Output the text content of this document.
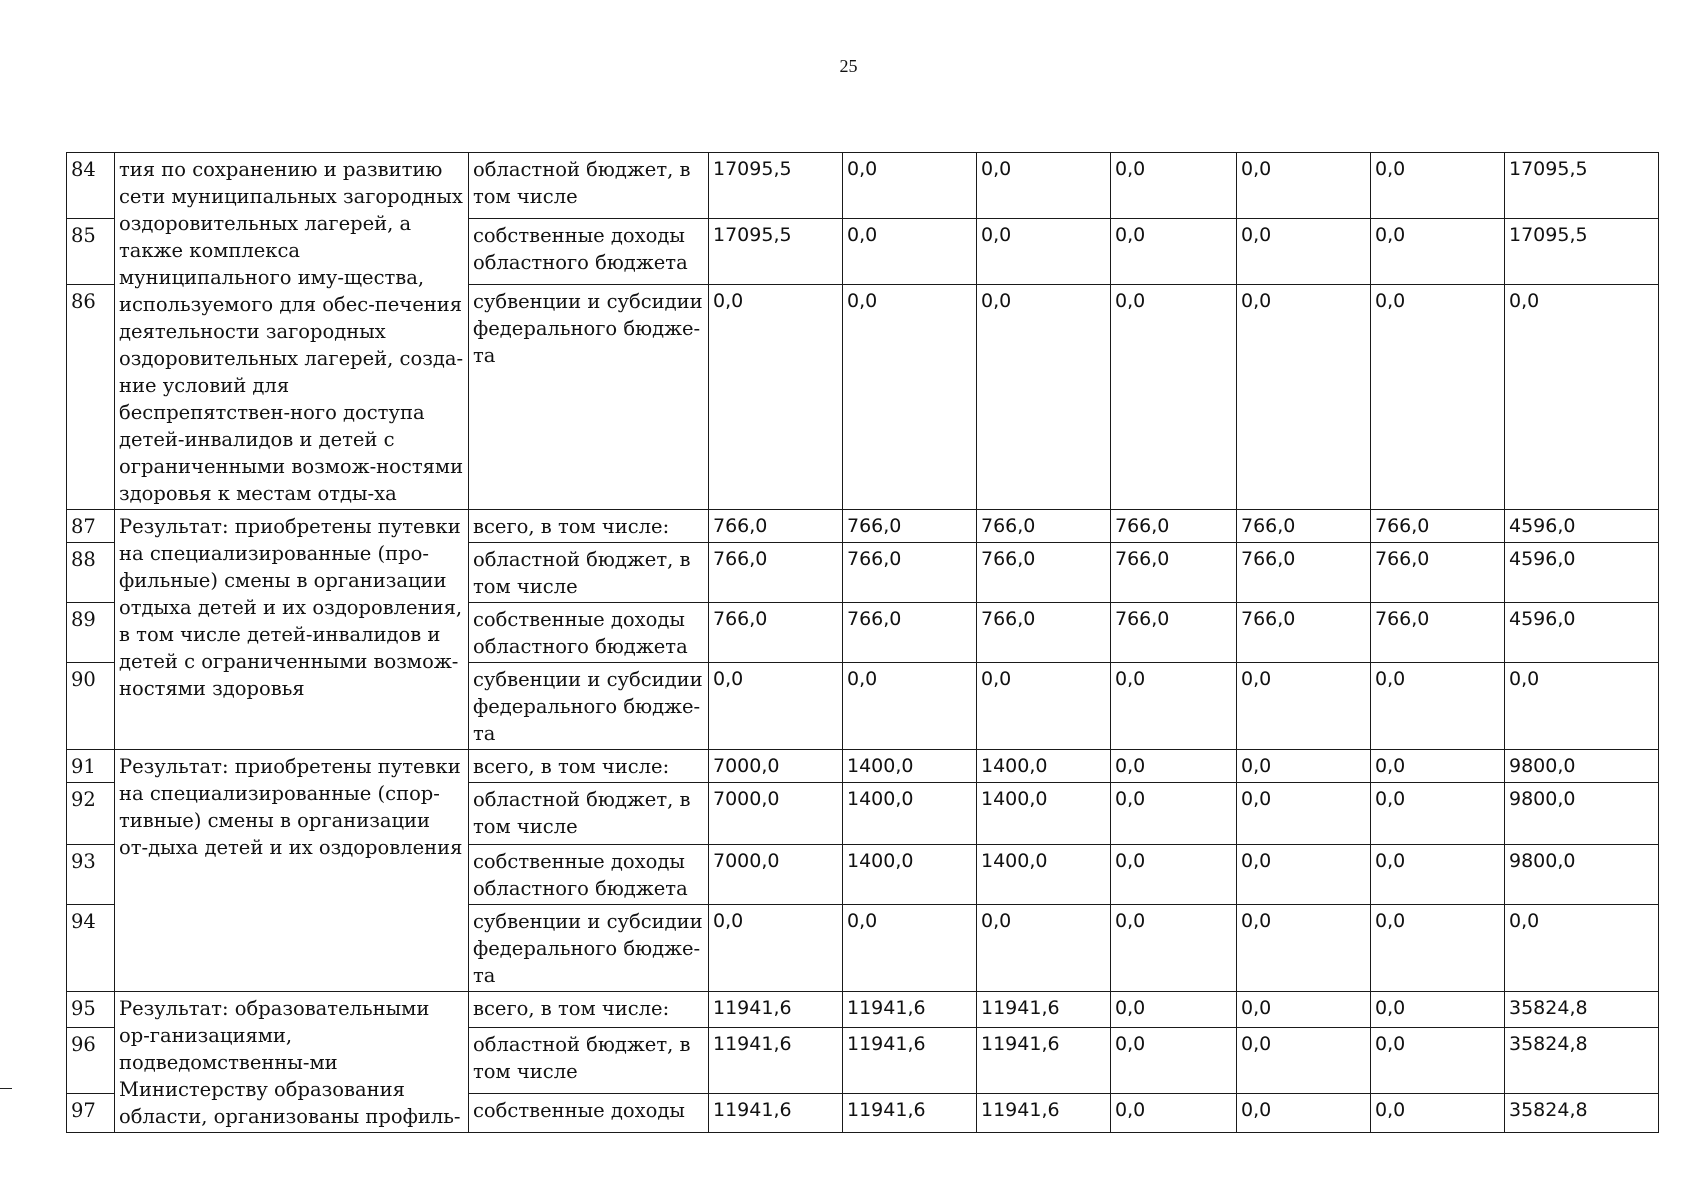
25
84	тия по сохранению и развитию сети муниципальных загородных оздоровительных лагерей, а также комплекса муниципального иму-щества, используемого для обес-печения деятельности загородных оздоровительных лагерей, созда-ние условий для беспрепятствен-ного доступа детей-инвалидов и детей с ограниченными возмож-ностями здоровья к местам отды-ха	областной бюджет, в том числе	17095,5	0,0	0,0	0,0	0,0	0,0	17095,5
85		собственные доходы областного бюджета	17095,5	0,0	0,0	0,0	0,0	0,0	17095,5
86		субвенции и субсидии федерального бюдже-та	0,0	0,0	0,0	0,0	0,0	0,0	0,0
87	Результат: приобретены путевки на специализированные (про-фильные) смены в организации отдыха детей и их оздоровления, в том числе детей-инвалидов и детей с ограниченными возмож-ностями здоровья	всего, в том числе:	766,0	766,0	766,0	766,0	766,0	766,0	4596,0
88		областной бюджет, в том числе	766,0	766,0	766,0	766,0	766,0	766,0	4596,0
89		собственные доходы областного бюджета	766,0	766,0	766,0	766,0	766,0	766,0	4596,0
90		субвенции и субсидии федерального бюдже-та	0,0	0,0	0,0	0,0	0,0	0,0	0,0
91	Результат: приобретены путевки на специализированные (спор-тивные) смены в организации от-дыха детей и их оздоровления	всего, в том числе:	7000,0	1400,0	1400,0	0,0	0,0	0,0	9800,0
92		областной бюджет, в том числе	7000,0	1400,0	1400,0	0,0	0,0	0,0	9800,0
93		собственные доходы областного бюджета	7000,0	1400,0	1400,0	0,0	0,0	0,0	9800,0
94		субвенции и субсидии федерального бюдже-та	0,0	0,0	0,0	0,0	0,0	0,0	0,0
95	Результат: образовательными ор-ганизациями, подведомственны-ми Министерству образования области, организованы профиль-	всего, в том числе:	11941,6	11941,6	11941,6	0,0	0,0	0,0	35824,8
96		областной бюджет, в том числе	11941,6	11941,6	11941,6	0,0	0,0	0,0	35824,8
97		собственные доходы	11941,6	11941,6	11941,6	0,0	0,0	0,0	35824,8
